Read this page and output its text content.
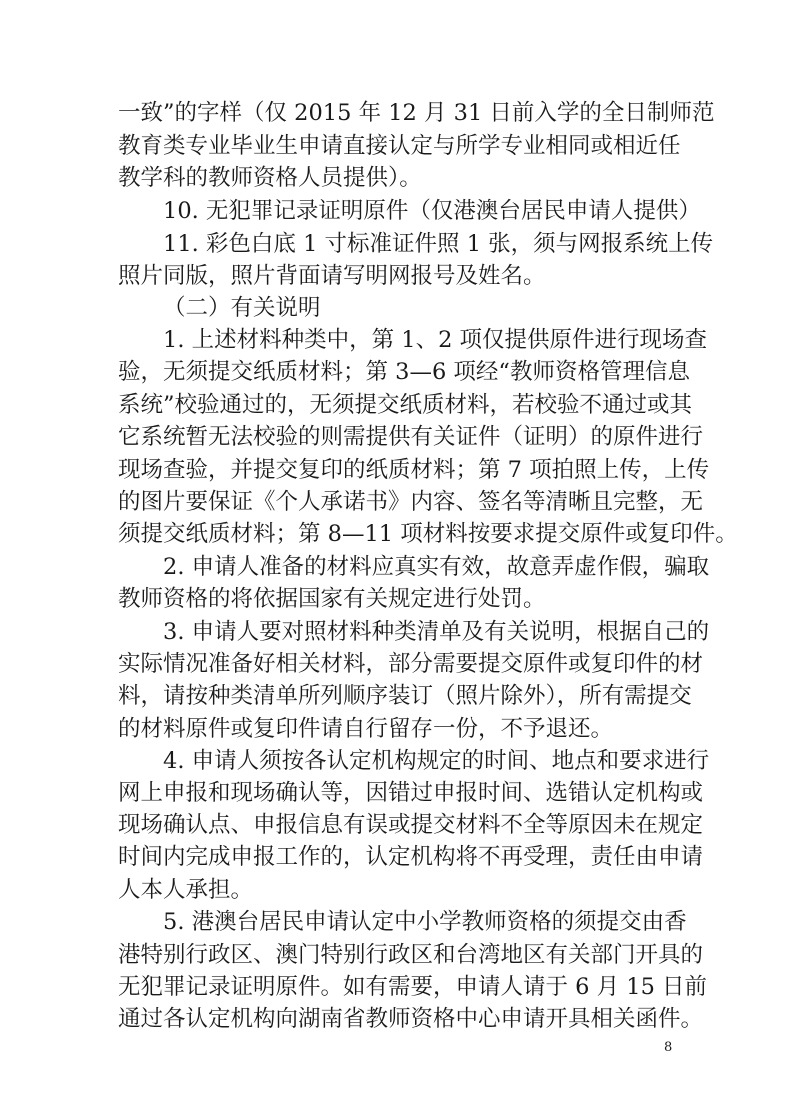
一致”的字样（仅 2015 年 12 月 31 日前入学的全日制师范
教育类专业毕业生申请直接认定与所学专业相同或相近任
教学科的教师资格人员提供）。
10. 无犯罪记录证明原件（仅港澳台居民申请人提供）
11. 彩色白底 1 寸标准证件照 1 张，须与网报系统上传
照片同版，照片背面请写明网报号及姓名。
（二）有关说明
1. 上述材料种类中，第 1、2 项仅提供原件进行现场查
验，无须提交纸质材料；第 3—6 项经“教师资格管理信息
系统”校验通过的，无须提交纸质材料，若校验不通过或其
它系统暂无法校验的则需提供有关证件（证明）的原件进行
现场查验，并提交复印的纸质材料；第 7 项拍照上传，上传
的图片要保证《个人承诺书》内容、签名等清晰且完整，无
须提交纸质材料；第 8—11 项材料按要求提交原件或复印件。
2. 申请人准备的材料应真实有效，故意弄虚作假，骗取
教师资格的将依据国家有关规定进行处罚。
3. 申请人要对照材料种类清单及有关说明，根据自己的
实际情况准备好相关材料，部分需要提交原件或复印件的材
料，请按种类清单所列顺序装订（照片除外），所有需提交
的材料原件或复印件请自行留存一份，不予退还。
4. 申请人须按各认定机构规定的时间、地点和要求进行
网上申报和现场确认等，因错过申报时间、选错认定机构或
现场确认点、申报信息有误或提交材料不全等原因未在规定
时间内完成申报工作的，认定机构将不再受理，责任由申请
人本人承担。
5. 港澳台居民申请认定中小学教师资格的须提交由香
港特别行政区、澳门特别行政区和台湾地区有关部门开具的
无犯罪记录证明原件。如有需要，申请人请于 6 月 15 日前
通过各认定机构向湖南省教师资格中心申请开具相关函件。
8
